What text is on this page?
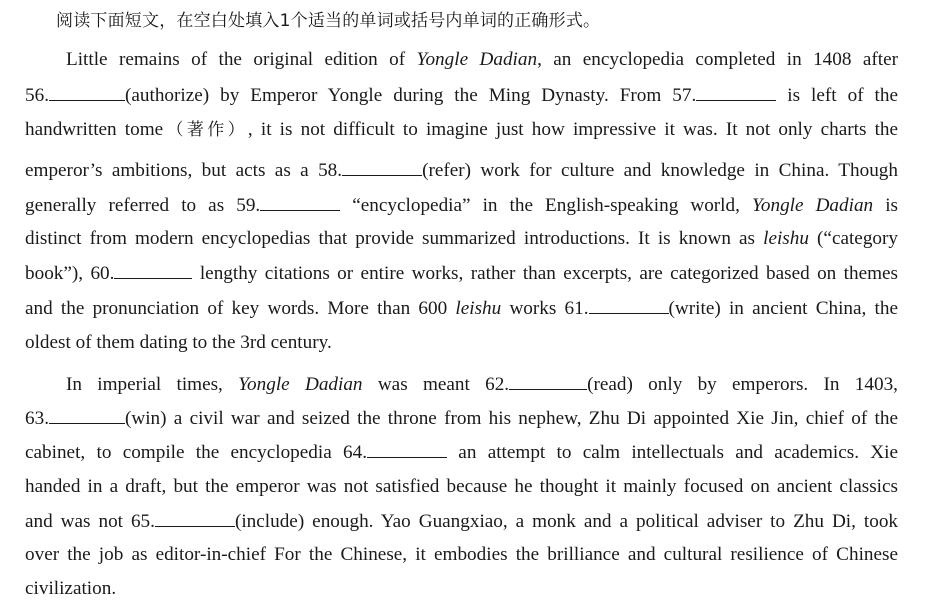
阅读下面短文，在空白处填入1个适当的单词或括号内单词的正确形式。
Little remains of the original edition of Yongle Dadian, an encyclopedia completed in 1408 after
56.	(authorize) by Emperor Yongle during the Ming Dynasty. From 57.	is left of the
handwritten tome（著作）, it is not difficult to imagine just how impressive it was. It not only charts the
emperor’s ambitions, but acts as a 58.	(refer) work for culture and knowledge in China. Though
generally referred to as 59.	“encyclopedia” in the English-speaking world, Yongle Dadian is
distinct from modern encyclopedias that provide summarized introductions. It is known as leishu (“category
book”), 60.	lengthy citations or entire works, rather than excerpts, are categorized based on themes
and the pronunciation of key words. More than 600 leishu works 61.	(write) in ancient China, the
oldest of them dating to the 3rd century.
In imperial times, Yongle Dadian was meant 62.	(read) only by emperors. In 1403,
63.	(win) a civil war and seized the throne from his nephew, Zhu Di appointed Xie Jin, chief of the
cabinet, to compile the encyclopedia 64.	an attempt to calm intellectuals and academics. Xie
handed in a draft, but the emperor was not satisfied because he thought it mainly focused on ancient classics
and was not 65.	(include) enough. Yao Guangxiao, a monk and a political adviser to Zhu Di, took
over the job as editor-in-chief For the Chinese, it embodies the brilliance and cultural resilience of Chinese
civilization.
